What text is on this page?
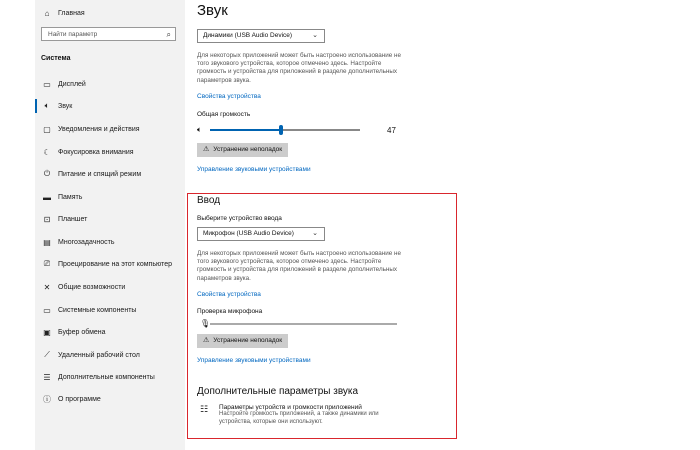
⌂	Главная
Найти параметр	⌕
Система
▭	Дисплей
🔈︎	Звук
▢	Уведомления и действия
☾	Фокусировка внимания
⏻	Питание и спящий режим
▬ Память
⊡	Планшет
▤	Многозадачность
⎚	Проецирование на этот компьютер
✕	Общие возможности
▭	Системные компоненты
▣	Буфер обмена
⟋	Удаленный рабочий стол
☰	Дополнительные компоненты
ⓘ О программе
Звук
Динамики (USB Audio Device)	⌄
Для некоторых приложений может быть настроено использование не того звукового устройства, которое отмечено здесь. Настройте громкость и устройства для приложений в разделе дополнительных параметров звука.
Свойства устройства
Общая громкость
🔈︎	47
⚠ Устранение неполадок
Управление звуковыми устройствами
Ввод
Выберите устройство ввода
Микрофон (USB Audio Device)	⌄
Для некоторых приложений может быть настроено использование не того звукового устройства, которое отмечено здесь. Настройте громкость и устройства для приложений в разделе дополнительных параметров звука.
Свойства устройства
Проверка микрофона
🎙︎
⚠ Устранение неполадок
Управление звуковыми устройствами
Дополнительные параметры звука
☷	Параметры устройств и громкости приложений
Настройте громкость приложений, а также динамики или устройства, которые они используют.
